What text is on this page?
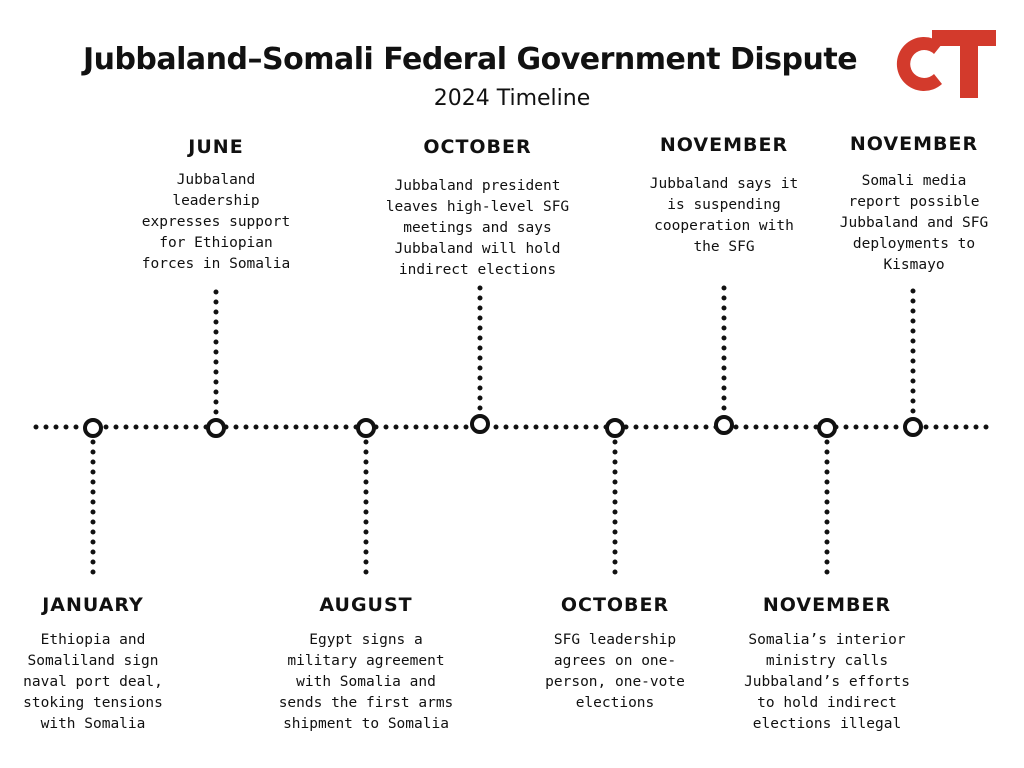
Jubbaland–Somali Federal Government Dispute
2024 Timeline
JUNE
Jubbaland leadership expresses support for Ethiopian forces in Somalia
OCTOBER
Jubbaland president leaves high-level SFG meetings and says Jubbaland will hold indirect elections
NOVEMBER
Jubbaland says it is suspending cooperation with the SFG
NOVEMBER
Somali media report possible Jubbaland and SFG deployments to Kismayo
JANUARY
Ethiopia and Somaliland sign naval port deal, stoking tensions with Somalia
AUGUST
Egypt signs a military agreement with Somalia and sends the first arms shipment to Somalia
OCTOBER
SFG leadership agrees on one-person, one-vote elections
NOVEMBER
Somalia’s interior ministry calls Jubbaland’s efforts to hold indirect elections illegal
